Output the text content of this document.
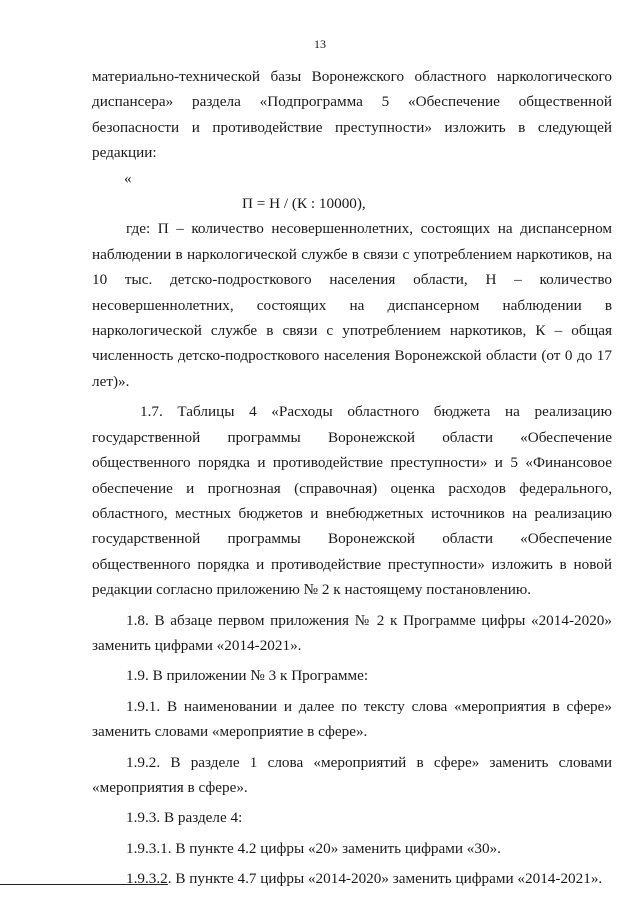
13

материально-технической базы Воронежского областного наркологического диспансера» раздела «Подпрограмма 5 «Обеспечение общественной безопасности и противодействие преступности» изложить в следующей редакции:

«

П = Н / (К : 10000),

где: П – количество несовершеннолетних, состоящих на диспансерном наблюдении в наркологической службе в связи с употреблением наркотиков, на 10 тыс. детско-подросткового населения области, Н – количество несовершеннолетних, состоящих на диспансерном наблюдении в наркологической службе в связи с употреблением наркотиков, К – общая численность детско-подросткового населения Воронежской области (от 0 до 17 лет)».

1.7. Таблицы 4 «Расходы областного бюджета на реализацию государственной программы Воронежской области «Обеспечение общественного порядка и противодействие преступности» и 5 «Финансовое обеспечение и прогнозная (справочная) оценка расходов федерального, областного, местных бюджетов и внебюджетных источников на реализацию государственной программы Воронежской области «Обеспечение общественного порядка и противодействие преступности» изложить в новой редакции согласно приложению № 2 к настоящему постановлению.

1.8. В абзаце первом приложения № 2 к Программе цифры «2014-2020» заменить цифрами «2014-2021».

1.9. В приложении № 3 к Программе:

1.9.1. В наименовании и далее по тексту слова «мероприятия в сфере» заменить словами «мероприятие в сфере».

1.9.2. В разделе 1 слова «мероприятий в сфере» заменить словами «мероприятия в сфере».

1.9.3. В разделе 4:

1.9.3.1. В пункте 4.2 цифры «20» заменить цифрами «30».

1.9.3.2. В пункте 4.7 цифры «2014-2020» заменить цифрами «2014-2021».
